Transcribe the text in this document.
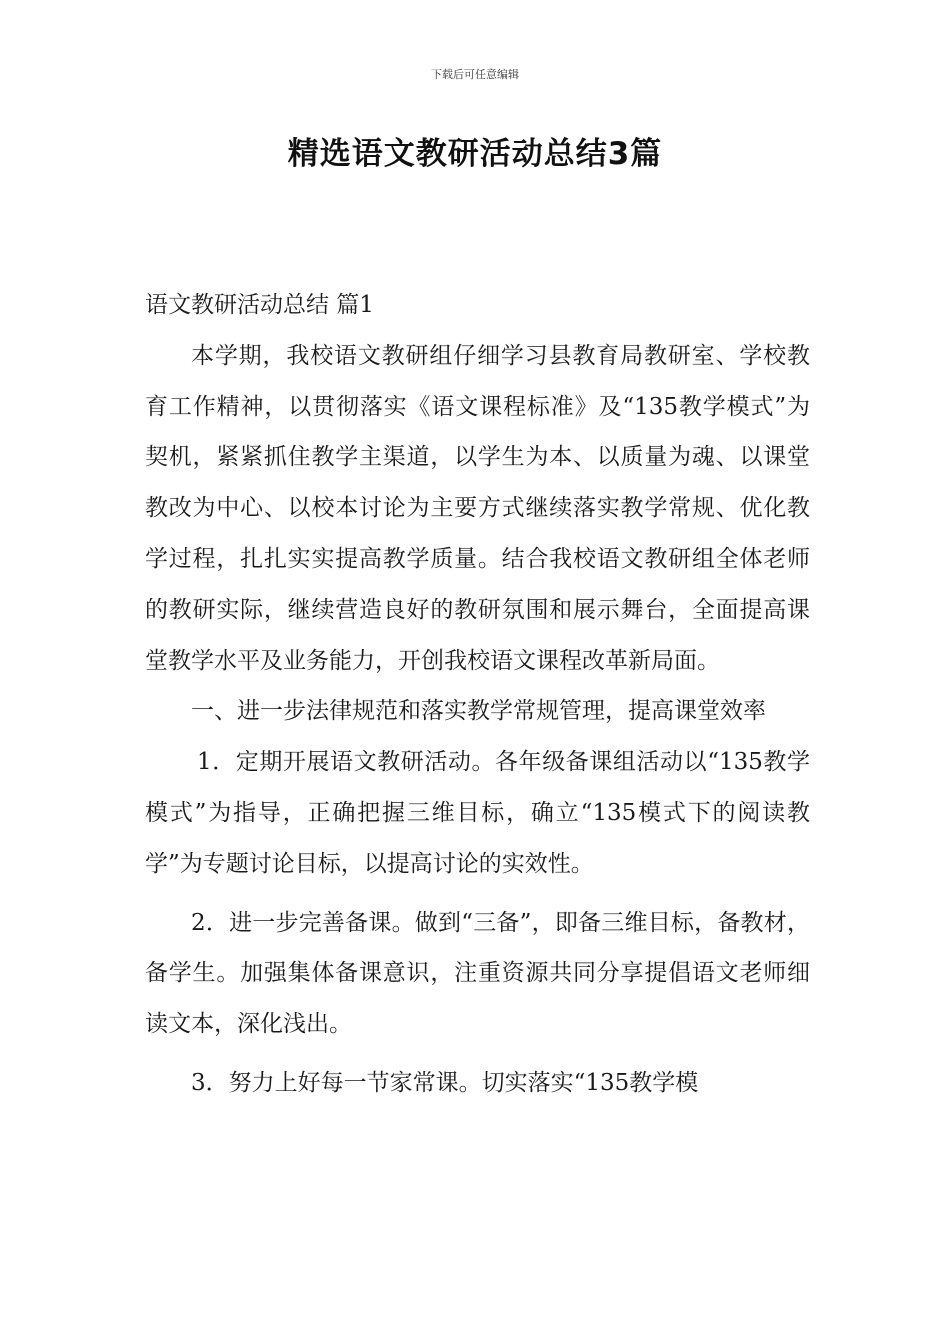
下载后可任意编辑
精选语文教研活动总结3篇

语文教研活动总结 篇1

本学期，我校语文教研组仔细学习县教育局教研室、学校教育工作精神，以贯彻落实《语文课程标准》及“135教学模式”为契机，紧紧抓住教学主渠道，以学生为本、以质量为魂、以课堂教改为中心、以校本讨论为主要方式继续落实教学常规、优化教学过程，扎扎实实提高教学质量。结合我校语文教研组全体老师的教研实际，继续营造良好的教研氛围和展示舞台，全面提高课堂教学水平及业务能力，开创我校语文课程改革新局面。

一、进一步法律规范和落实教学常规管理，提高课堂效率

1．定期开展语文教研活动。各年级备课组活动以“135教学模式”为指导，正确把握三维目标，确立“135模式下的阅读教学”为专题讨论目标，以提高讨论的实效性。

2．进一步完善备课。做到“三备”，即备三维目标，备教材，备学生。加强集体备课意识，注重资源共同分享提倡语文老师细读文本，深化浅出。

3．努力上好每一节家常课。切实落实“135教学模
